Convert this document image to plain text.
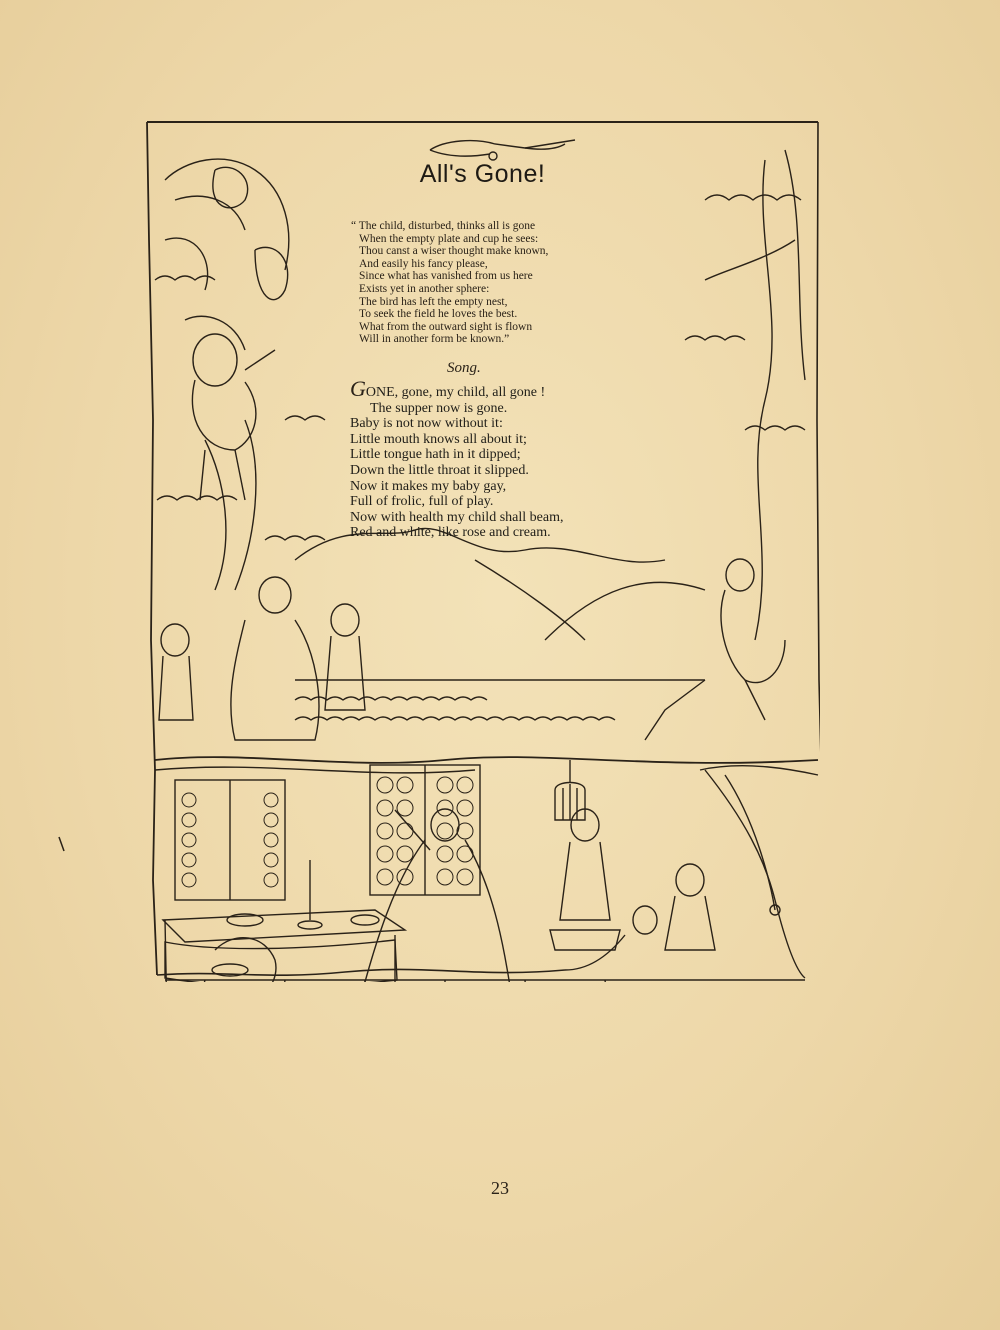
All's Gone!
“ The child, disturbed, thinks all is gone
When the empty plate and cup he sees:
Thou canst a wiser thought make known,
And easily his fancy please,
Since what has vanished from us here
Exists yet in another sphere:
The bird has left the empty nest,
To seek the field he loves the best.
What from the outward sight is flown
Will in another form be known.”
Song.
GONE, gone, my child, all gone !
The supper now is gone.
Baby is not now without it:
Little mouth knows all about it;
Little tongue hath in it dipped;
Down the little throat it slipped.
Now it makes my baby gay,
Full of frolic, full of play.
Now with health my child shall beam,
Red and white, like rose and cream.
23
